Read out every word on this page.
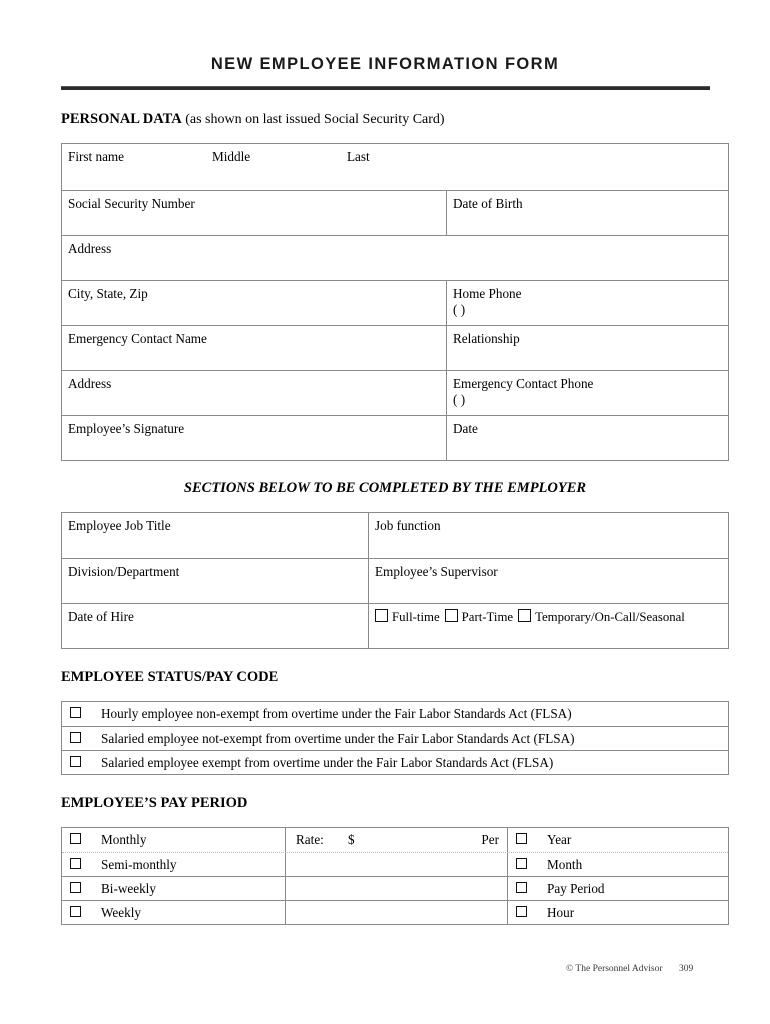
NEW EMPLOYEE INFORMATION FORM
PERSONAL DATA (as shown on last issued Social Security Card)
First name	Middle	Last
Social Security Number	Date of Birth
Address
City, State, Zip	Home Phone
( )
Emergency Contact Name	Relationship
Address	Emergency Contact Phone
( )
Employee’s Signature	Date
SECTIONS BELOW TO BE COMPLETED BY THE EMPLOYER
Employee Job Title	Job function
Division/Department	Employee’s Supervisor
Date of Hire	Full-time Part-Time Temporary/On-Call/Seasonal
EMPLOYEE STATUS/PAY CODE
Hourly employee non-exempt from overtime under the Fair Labor Standards Act (FLSA)
Salaried employee not-exempt from overtime under the Fair Labor Standards Act (FLSA)
Salaried employee exempt from overtime under the Fair Labor Standards Act (FLSA)
EMPLOYEE’S PAY PERIOD
Monthly	Rate: $	Per	Year
Semi-monthly	Month
Bi-weekly	Pay Period
Weekly	Hour
© The Personnel Advisor 309
